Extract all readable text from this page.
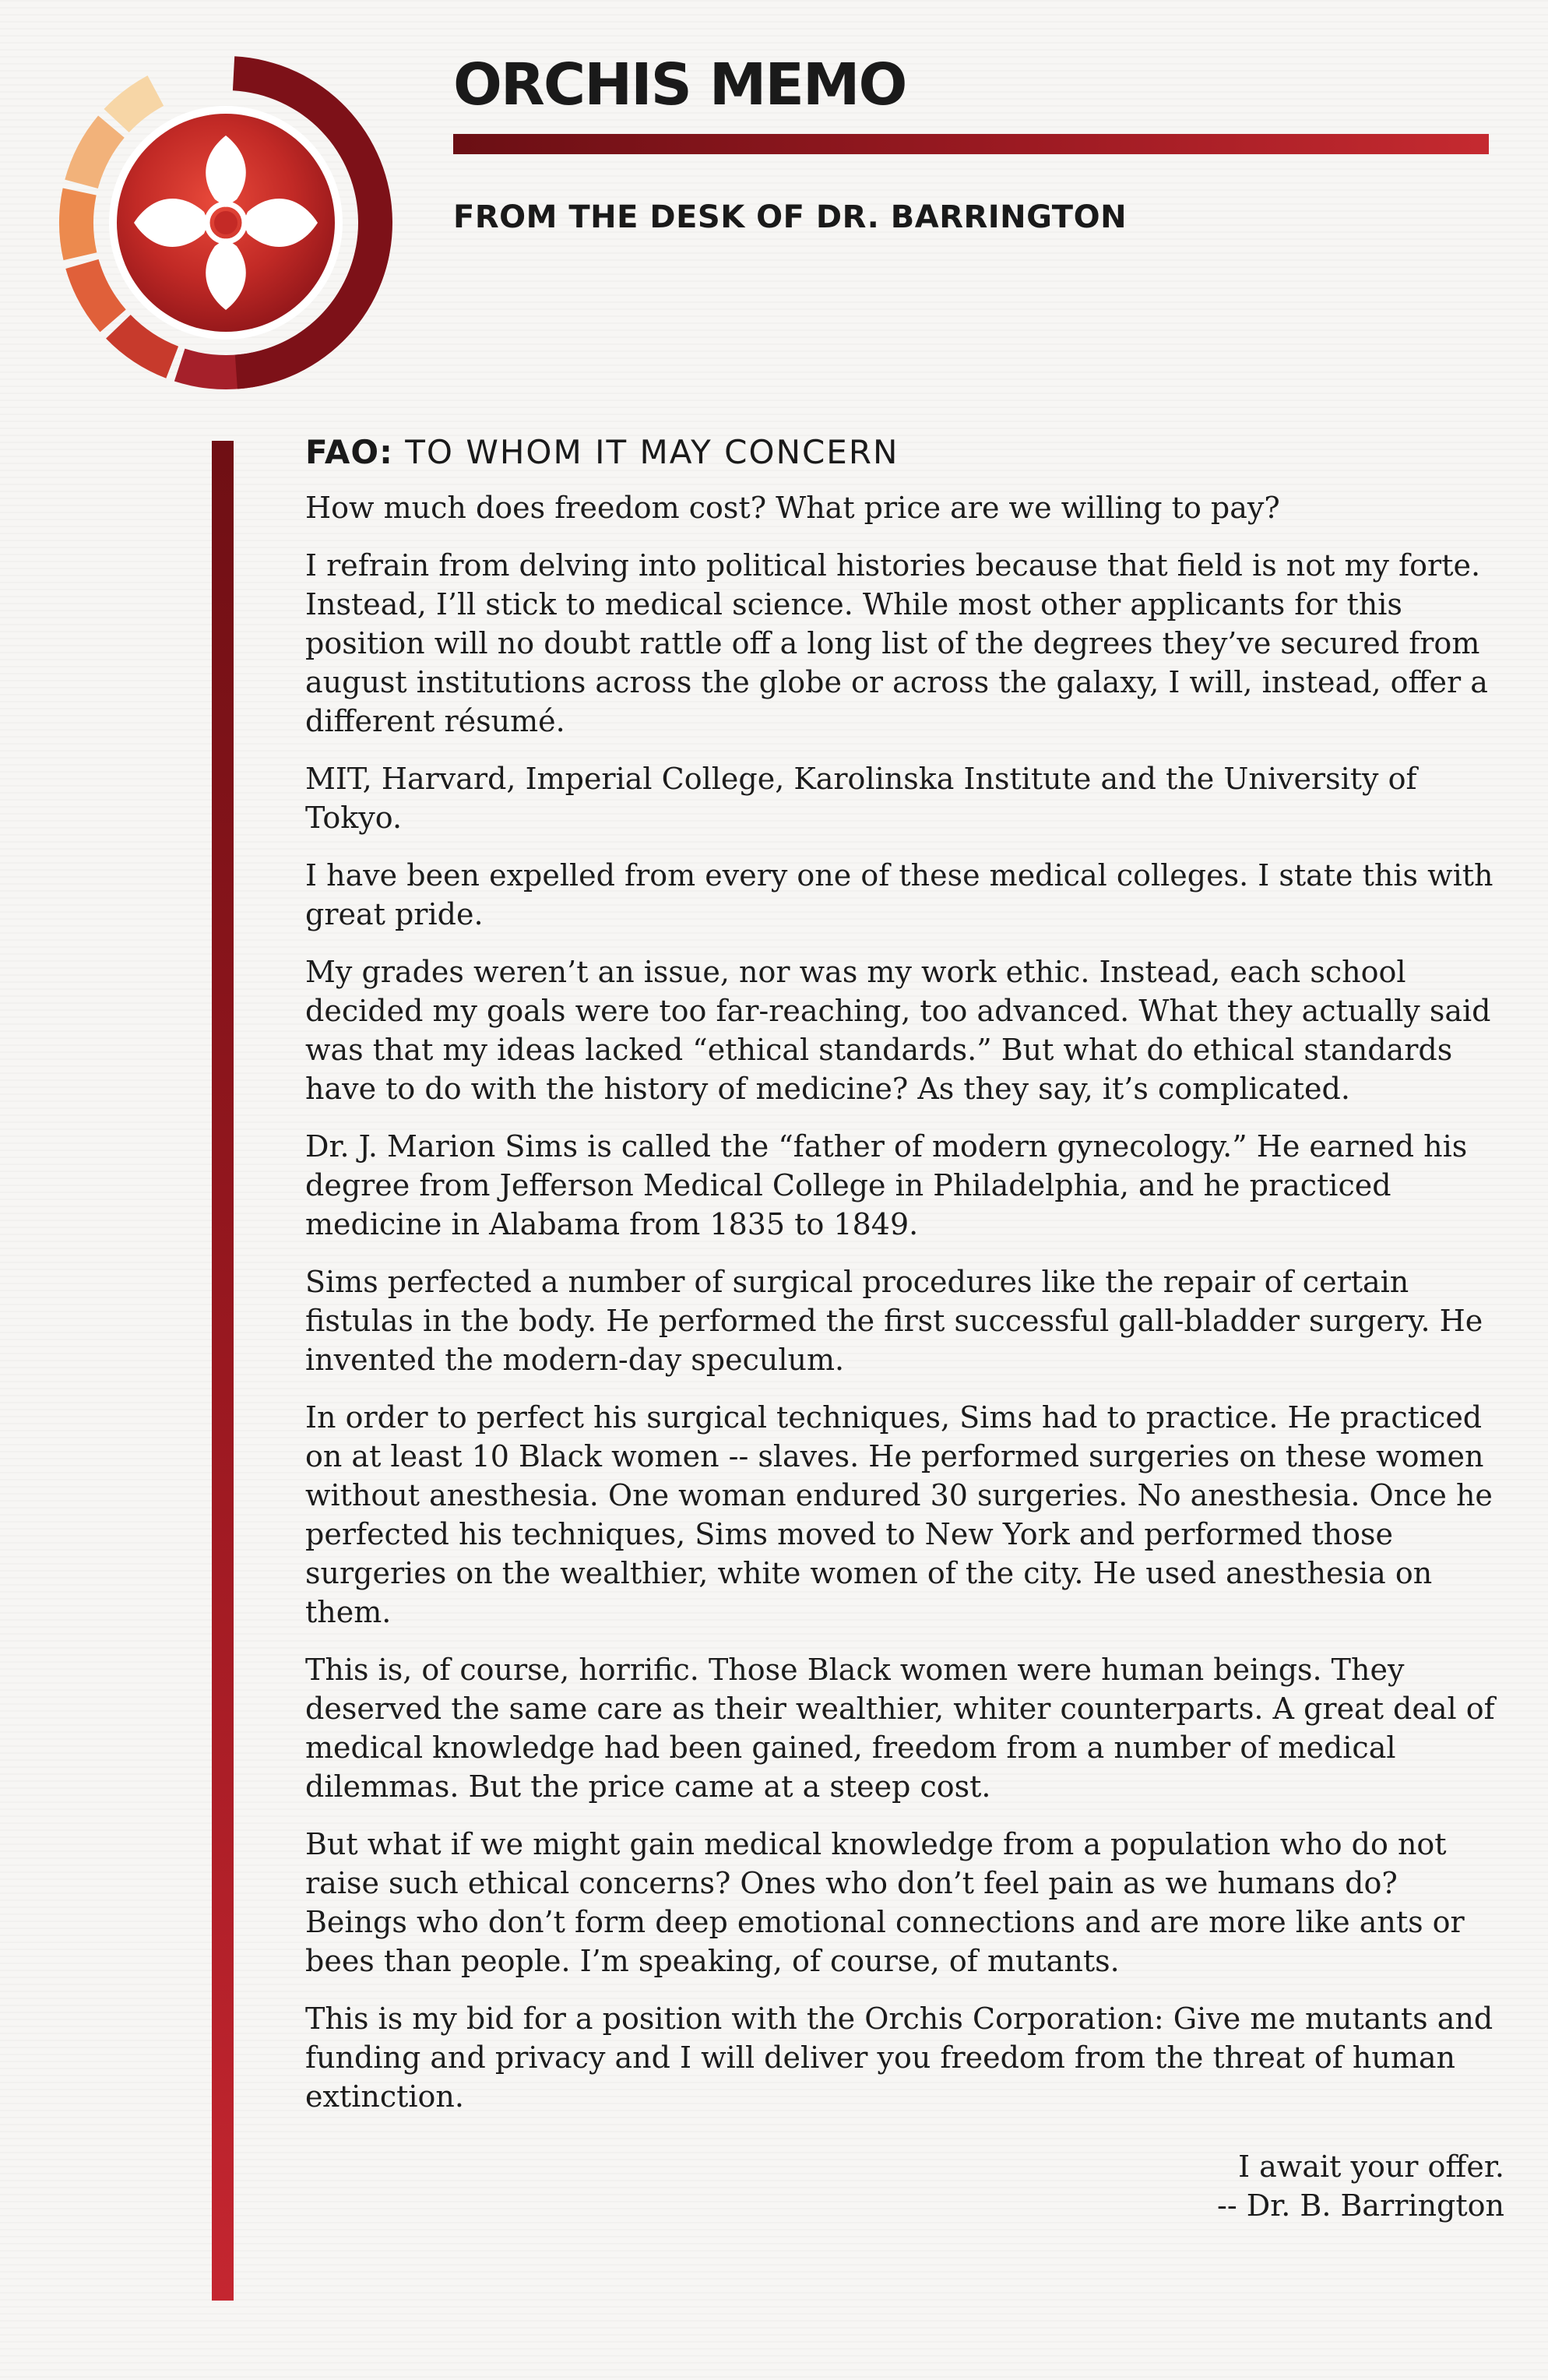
ORCHIS MEMO
FROM THE DESK OF DR. BARRINGTON
FAO: TO WHOM IT MAY CONCERN

How much does freedom cost? What price are we willing to pay?

I refrain from delving into political histories because that field is not my forte. Instead, I’ll stick to medical science. While most other applicants for this position will no doubt rattle off a long list of the degrees they’ve secured from august institutions across the globe or across the galaxy, I will, instead, offer a different résumé.

MIT, Harvard, Imperial College, Karolinska Institute and the University of Tokyo.

I have been expelled from every one of these medical colleges. I state this with great pride.

My grades weren’t an issue, nor was my work ethic. Instead, each school decided my goals were too far-reaching, too advanced. What they actually said was that my ideas lacked “ethical standards.” But what do ethical standards have to do with the history of medicine? As they say, it’s complicated.

Dr. J. Marion Sims is called the “father of modern gynecology.” He earned his degree from Jefferson Medical College in Philadelphia, and he practiced medicine in Alabama from 1835 to 1849.

Sims perfected a number of surgical procedures like the repair of certain fistulas in the body. He performed the first successful gall-bladder surgery. He invented the modern-day speculum.

In order to perfect his surgical techniques, Sims had to practice. He practiced on at least 10 Black women -- slaves. He performed surgeries on these women without anesthesia. One woman endured 30 surgeries. No anesthesia. Once he perfected his techniques, Sims moved to New York and performed those surgeries on the wealthier, white women of the city. He used anesthesia on them.

This is, of course, horrific. Those Black women were human beings. They deserved the same care as their wealthier, whiter counterparts. A great deal of medical knowledge had been gained, freedom from a number of medical dilemmas. But the price came at a steep cost.

But what if we might gain medical knowledge from a population who do not raise such ethical concerns? Ones who don’t feel pain as we humans do? Beings who don’t form deep emotional connections and are more like ants or bees than people. I’m speaking, of course, of mutants.

This is my bid for a position with the Orchis Corporation: Give me mutants and funding and privacy and I will deliver you freedom from the threat of human extinction.

I await your offer.
-- Dr. B. Barrington
